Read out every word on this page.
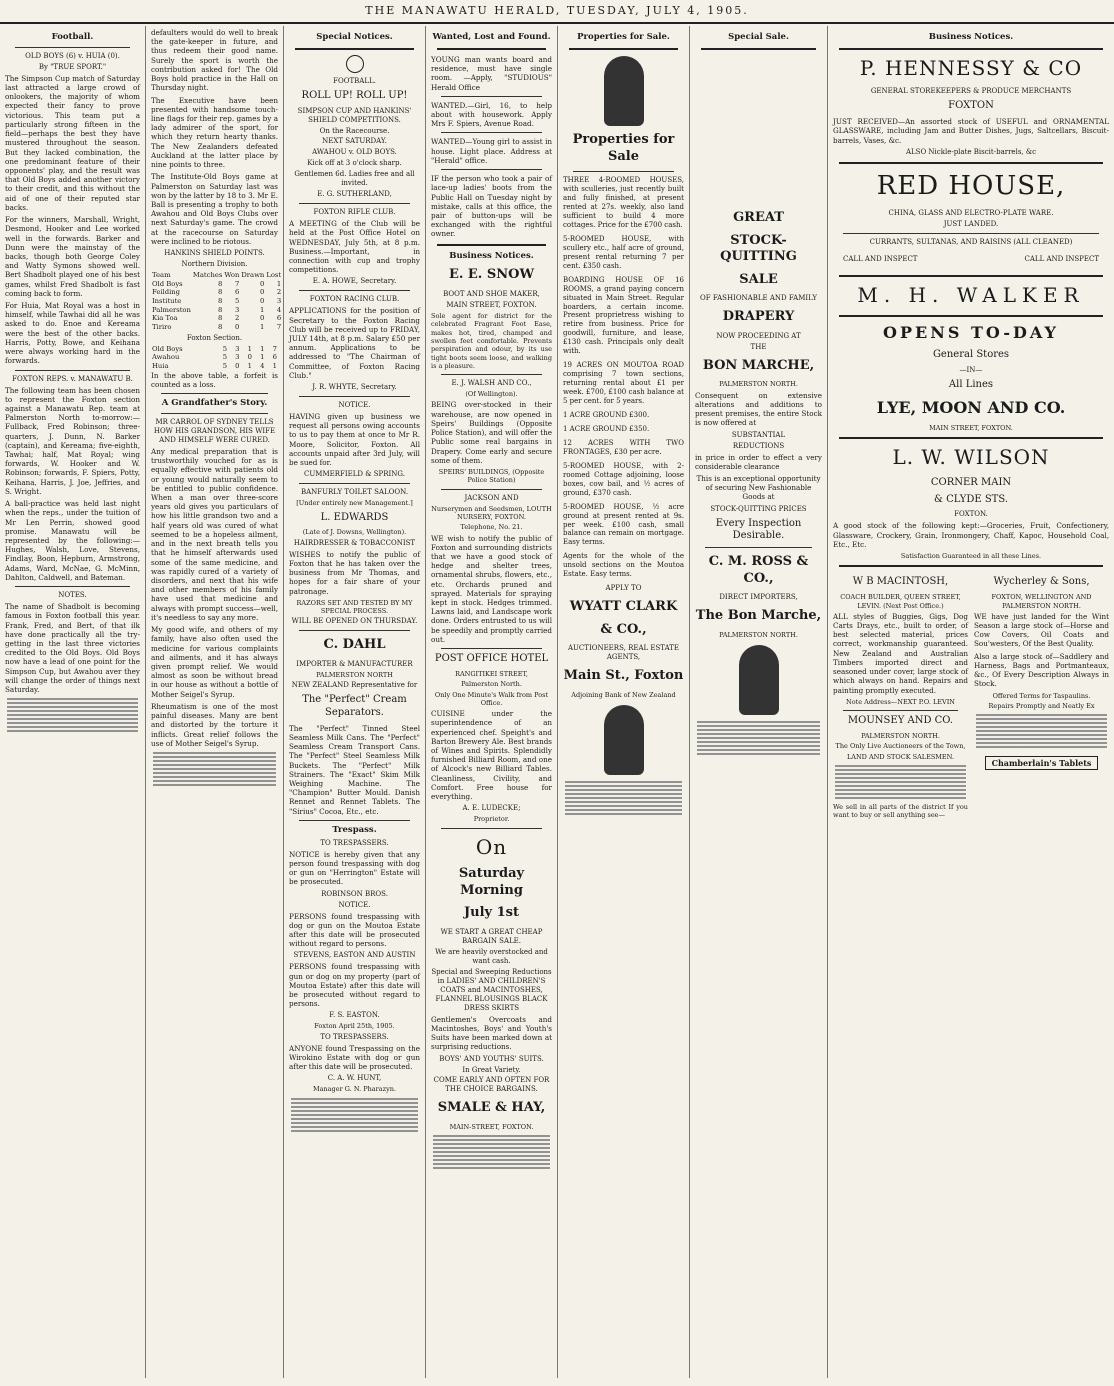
THE MANAWATU HERALD, TUESDAY, JULY 4, 1905.
Football.
OLD BOYS (6) v. HUIA (0).
By "TRUE SPORT."

The Simpson Cup match of Saturday last attracted a large crowd of onlookers, the majority of whom expected their fancy to prove victorious. This team put a particularly strong fifteen in the field—perhaps the best they have mustered throughout the season. But they lacked combination, the one predominant feature of their opponents' play, and the result was that Old Boys added another victory to their credit, and this without the aid of one of their reputed star backs.

For the winners, Marshall, Wright, Desmond, Hooker and Lee worked well in the forwards. Barker and Dunn were the mainstay of the backs, though both George Coley and Watty Symons showed well. Bert Shadbolt played one of his best games, whilst Fred Shadbolt is fast coming back to form.

For Huia, Mat Royal was a host in himself, while Tawhai did all he was asked to do. Enoe and Kereama were the best of the other backs. Harris, Potty, Bowe, and Keihana were always working hard in the forwards.

FOXTON REPS. v. MANAWATU B.

The following team has been chosen to represent the Foxton section against a Manawatu Rep. team at Palmerston North to-morrow:—Fullback, Fred Robinson; three-quarters, J. Dunn, N. Barker (captain), and Kereama; five-eighth, Tawhai; half, Mat Royal; wing forwards, W. Hooker and W. Robinson; forwards, F. Spiers, Potty, Keihana, Harris, J. Joe, Jeffries, and S. Wright.

A ball-practice was held last night when the reps., under the tuition of Mr Len Perrin, showed good promise. Manawatu will be represented by the following:—Hughes, Walsh, Love, Stevens, Findlay, Boon, Hepburn, Armstrong, Adams, Ward, McNae, G. McMinn, Dahlton, Caldwell, and Bateman.

NOTES.

The name of Shadbolt is becoming famous in Foxton football this year. Frank, Fred, and Bert, of that ilk have done practically all the try-getting in the last three victories credited to the Old Boys. Old Boys now have a lead of one point for the Simpson Cup, but Awahou aver they will change the order of things next Saturday.

defaulters would do well to break the gate-keeper in future, and thus redeem their good name. Surely the sport is worth the contribution asked for! The Old Boys hold practice in the Hall on Thursday night.

The Executive have been presented with handsome touch-line flags for their rep. games by a lady admirer of the sport, for which they return hearty thanks. The New Zealanders defeated Auckland at the latter place by nine points to three.

The Institute-Old Boys game at Palmerston on Saturday last was won by the latter by 18 to 3. Mr E. Ball is presenting a trophy to both Awahou and Old Boys Clubs over next Saturday's game. The crowd at the racecourse on Saturday were inclined to be riotous.

HANKINS SHIELD POINTS.
Northern Division.
Team	Matches	Won	Drawn	Lost	
Old Boys	8	7	0	1	
Feilding	8	6	0	2	
Institute	8	5	0	3	
Palmerston	8	3	1	4	
Kia Toa	8	2	0	6	
Tiriro	8	0	1	7	
Foxton Section.
Old Boys	5	3	1	1	7
Awahou	5	3	0	1	6
Huia	5	0	1	4	1

In the above table, a forfeit is counted as a loss.

A Grandfather's Story.
MR CARROL OF SYDNEY TELLS HOW HIS GRANDSON, HIS WIFE AND HIMSELF WERE CURED.

Any medical preparation that is trustworthily vouched for as is equally effective with patients old or young would naturally seem to be entitled to public confidence. When a man over three-score years old gives you particulars of how his little grandson two and a half years old was cured of what seemed to be a hopeless ailment, and in the next breath tells you that he himself afterwards used some of the same medicine, and was rapidly cured of a variety of disorders, and next that his wife and other members of his family have used that medicine and always with prompt success—well, it's needless to say any more.

My good wife, and others of my family, have also often used the medicine for various complaints and ailments, and it has always given prompt relief. We would almost as soon be without bread in our house as without a bottle of Mother Seigel's Syrup.

Rheumatism is one of the most painful diseases. Many are bent and distorted by the torture it inflicts. Great relief follows the use of Mother Seigel's Syrup.

Special Notices.
FOOTBALL.
ROLL UP! ROLL UP!
SIMPSON CUP AND HANKINS' SHIELD COMPETITIONS.
On the Racecourse.
NEXT SATURDAY.
AWAHOU v. OLD BOYS.
Kick off at 3 o'clock sharp.
Gentlemen 6d. Ladies free and all invited.
E. G. SUTHERLAND,
FOXTON RIFLE CLUB.

A MEETING of the Club will be held at the Post Office Hotel on WEDNESDAY, July 5th, at 8 p.m. Business.—Important, in connection with cup and trophy competitions.

E. A. HOWE, Secretary.
FOXTON RACING CLUB.

APPLICATIONS for the position of Secretary to the Foxton Racing Club will be received up to FRIDAY, JULY 14th, at 8 p.m. Salary £50 per annum. Applications to be addressed to "The Chairman of Committee, of Foxton Racing Club."

J. R. WHYTE, Secretary.
NOTICE.

HAVING given up business we request all persons owing accounts to us to pay them at once to Mr R. Moore, Solicitor, Foxton. All accounts unpaid after 3rd July, will be sued for.

CUMMERFIELD & SPRING.
BANFURLY TOILET SALOON.
[Under entirely new Management.]
L. EDWARDS
(Late of J. Dowsns, Wellington).
HAIRDRESSER & TOBACCONIST

WISHES to notify the public of Foxton that he has taken over the business from Mr Thomas, and hopes for a fair share of your patronage.

RAZORS SET AND TESTED BY MY SPECIAL PROCESS.
WILL BE OPENED ON THURSDAY.
C. DAHL
IMPORTER & MANUFACTURER
PALMERSTON NORTH
NEW ZEALAND Representative for
The "Perfect" Cream Separators.

The "Perfect" Tinned Steel Seamless Milk Cans. The "Perfect" Seamless Cream Transport Cans. The "Perfect" Steel Seamless Milk Buckets. The "Perfect" Milk Strainers. The "Exact" Skim Milk Weighing Machine. The "Champion" Butter Mould. Danish Rennet and Rennet Tablets. The "Sirius" Cocoa, Etc., etc.

Trespass.
TO TRESPASSERS.

NOTICE is hereby given that any person found trespassing with dog or gun on "Herrington" Estate will be prosecuted.

ROBINSON BROS.
NOTICE.

PERSONS found trespassing with dog or gun on the Moutoa Estate after this date will be prosecuted without regard to persons.

STEVENS, EASTON AND AUSTIN

PERSONS found trespassing with gun or dog on my property (part of Moutoa Estate) after this date will be prosecuted without regard to persons.

F. S. EASTON.
Foxton April 25th, 1905.
TO TRESPASSERS.

ANYONE found Trespassing on the Wirokino Estate with dog or gun after this date will be prosecuted.

C. A. W. HUNT,
Manager G. N. Pharazyn.
Wanted, Lost and Found.

YOUNG man wants board and residence, must have single room. —Apply, "STUDIOUS" Herald Office

WANTED.—Girl, 16, to help about with housework. Apply Mrs F. Spiers, Avenue Road.

WANTED—Young girl to assist in house. Light place. Address at "Herald" office.

IF the person who took a pair of lace-up ladies' boots from the Public Hall on Tuesday night by mistake, calls at this office, the pair of button-ups will be exchanged with the rightful owner.

Business Notices.
E. E. SNOW
BOOT AND SHOE MAKER,
MAIN STREET, FOXTON.

Sole agent for district for the celebrated Fragrant Foot Ease, makes hot, tired, champed and swollen feet comfortable. Prevents perspiration and odour, by its use tight boots seem loose, and walking is a pleasure.

E. J. WALSH AND CO.,
(Of Wellington).

BEING over-stocked in their warehouse, are now opened in Speirs' Buildings (Opposite Police Station), and will offer the Public some real bargains in Drapery. Come early and secure some of them.

SPEIRS' BUILDINGS, (Opposite Police Station)
JACKSON AND
Nurserymen and Seedsmen, LOUTH NURSERY, FOXTON.
Telephone, No. 21.

WE wish to notify the public of Foxton and surrounding districts that we have a good stock of hedge and shelter trees, ornamental shrubs, flowers, etc., etc. Orchards pruned and sprayed. Materials for spraying kept in stock. Hedges trimmed. Lawns laid, and Landscape work done. Orders entrusted to us will be speedily and promptly carried out.

POST OFFICE HOTEL
RANGITIKEI STREET,
Palmerston North.
Only One Minute's Walk from Post Office.

CUISINE under the superintendence of an experienced chef. Speight's and Barton Brewery Ale. Best brands of Wines and Spirits. Splendidly furnished Billiard Room, and one of Alcock's new Billiard Tables. Cleanliness, Civility, and Comfort. Free house for everything.

A. E. LUDECKE;
Proprietor.
On
Saturday Morning
July 1st
WE START A GREAT CHEAP BARGAIN SALE.
We are heavily overstocked and want cash.
Special and Sweeping Reductions in LADIES' AND CHILDREN'S COATS and MACINTOSHES, FLANNEL BLOUSINGS BLACK DRESS SKIRTS

Gentlemen's Overcoats and Macintoshes, Boys' and Youth's Suits have been marked down at surprising reductions.

BOYS' AND YOUTHS' SUITS.
In Great Variety.
COME EARLY AND OFTEN FOR THE CHOICE BARGAINS.
SMALE & HAY,
MAIN-STREET, FOXTON.
Properties for Sale.
Properties for Sale

THREE 4-ROOMED HOUSES, with sculleries, just recently built and fully finished, at present rented at 27s. weekly, also land sufficient to build 4 more cottages. Price for the £700 cash.

5-ROOMED HOUSE, with scullery etc., half acre of ground, present rental returning 7 per cent. £350 cash.

BOARDING HOUSE OF 16 ROOMS, a grand paying concern situated in Main Street. Regular boarders, a certain income. Present proprietress wishing to retire from business. Price for goodwill, furniture, and lease, £130 cash. Principals only dealt with.

19 ACRES ON MOUTOA ROAD comprising 7 town sections, returning rental about £1 per week. £700, £100 cash balance at 5 per cent. for 5 years.

1 ACRE GROUND £300.

1 ACRE GROUND £350.

12 ACRES WITH TWO FRONTAGES, £30 per acre.

5-ROOMED HOUSE, with 2-roomed Cottage adjoining, loose boxes, cow bail, and ½ acres of ground, £370 cash.

5-ROOMED HOUSE, ½ acre ground at present rented at 9s. per week. £100 cash, small balance can remain on mortgage. Easy terms.

Agents for the whole of the unsold sections on the Moutoa Estate. Easy terms.

APPLY TO
WYATT CLARK
& CO.,
AUCTIONEERS, REAL ESTATE AGENTS,
Main St., Foxton
Adjoining Bank of New Zealand
Special Sale.
GREAT
STOCK-QUITTING
SALE
OF FASHIONABLE AND FAMILY
DRAPERY
NOW PROCEEDING AT
THE
BON MARCHE,
PALMERSTON NORTH.

Consequent on extensive alterations and additions to present premises, the entire Stock is now offered at

SUBSTANTIAL
REDUCTIONS

in price in order to effect a very considerable clearance

This is an exceptional opportunity of securing New Fashionable Goods at

STOCK-QUITTING PRICES
Every Inspection Desirable.
C. M. ROSS & CO.,
DIRECT IMPORTERS,
The Bon Marche,
PALMERSTON NORTH.
Business Notices.
P. HENNESSY & CO
GENERAL STOREKEEPERS & PRODUCE MERCHANTS
FOXTON

JUST RECEIVED—An assorted stock of USEFUL and ORNAMENTAL GLASSWARE, including Jam and Butter Dishes, Jugs, Saltcellars, Biscuit-barrels, Vases, &c.

ALSO Nickle-plate Biscit-barrels, &c
RED HOUSE,
CHINA, GLASS AND ELECTRO-PLATE WARE.
JUST LANDED.
CURRANTS, SULTANAS, AND RAISINS (ALL CLEANED)
CALL AND INSPECT	CALL AND INSPECT
M. H. WALKER
OPENS TO-DAY
General Stores
—IN—
All Lines
LYE, MOON AND CO.
MAIN STREET, FOXTON.
L. W. WILSON
CORNER MAIN
& CLYDE STS.
FOXTON.

A good stock of the following kept:—Groceries, Fruit, Confectionery, Glassware, Crockery, Grain, Ironmongery, Chaff, Kapoc, Household Coal, Etc., Etc.

Satisfaction Guaranteed in all these Lines.
W B MACINTOSH,
COACH BUILDER, QUEEN STREET, LEVIN. (Next Post Office.)

ALL styles of Buggies, Gigs, Dog Carts Drays, etc., built to order, of best selected material, prices correct, workmanship guaranteed. New Zealand and Australian Timbers imported direct and seasoned under cover, large stock of which always on hand. Repairs and painting promptly executed.

Note Address—NEXT P.O. LEVIN
MOUNSEY AND CO.
PALMERSTON NORTH.
The Only Live Auctioneers of the Town,
LAND AND STOCK SALESMEN.

We sell in all parts of the district If you want to buy or sell anything see—

Wycherley & Sons,
FOXTON, WELLINGTON AND PALMERSTON NORTH.

WE have just landed for the Wint Season a large stock of—Horse and Cow Covers, Oil Coats and Sou'westers, Of the Best Quality.

Also a large stock of—Saddlery and Harness, Bags and Portmanteaux, &c., Of Every Description Always in Stock.

Offered Terms for Taspaulins.
Repairs Promptly and Neatly Ex
Chamberlain's Tablets
